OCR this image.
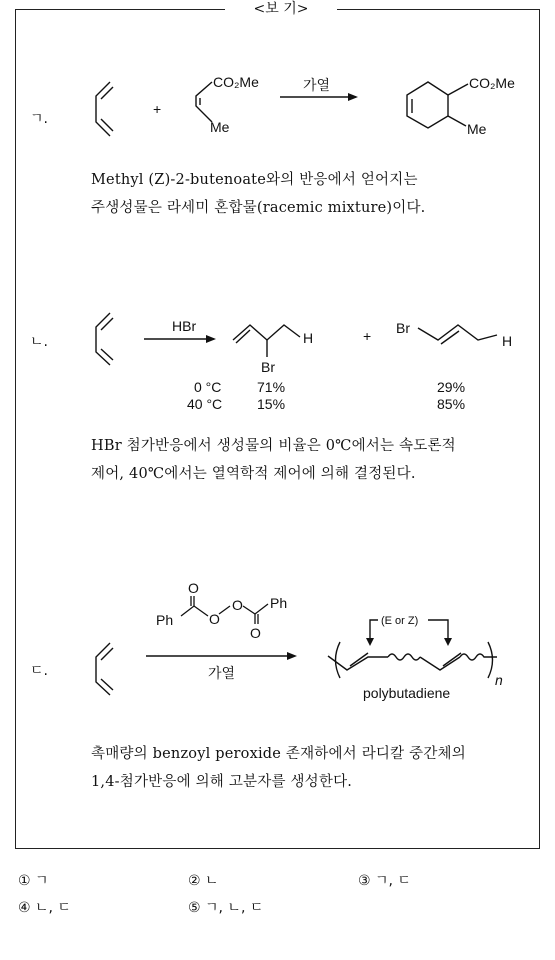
<보 기>
ㄱ.
+
CO₂Me
Me
가열	CO₂Me
Me
Methyl (Z)-2-butenoate와의 반응에서 얻어지는
주생성물은 라세미 혼합물(racemic mixture)이다.
ㄴ.
HBr
Br
H	+ Br
H
0 °C	71%	29%
40 °C 15%	85%
HBr 첨가반응에서 생성물의 비율은 0℃에서는 속도론적
제어, 40℃에서는 열역학적 제어에 의해 결정된다.
ㄷ.
O
Ph	O
O Ph
O
가열
(E or Z)
n
polybutadiene
촉매량의 benzoyl peroxide 존재하에서 라디칼 중간체의
1,4-첨가반응에 의해 고분자를 생성한다.
① ㄱ	② ㄴ	③ ㄱ, ㄷ
④ ㄴ, ㄷ	⑤ ㄱ, ㄴ, ㄷ
